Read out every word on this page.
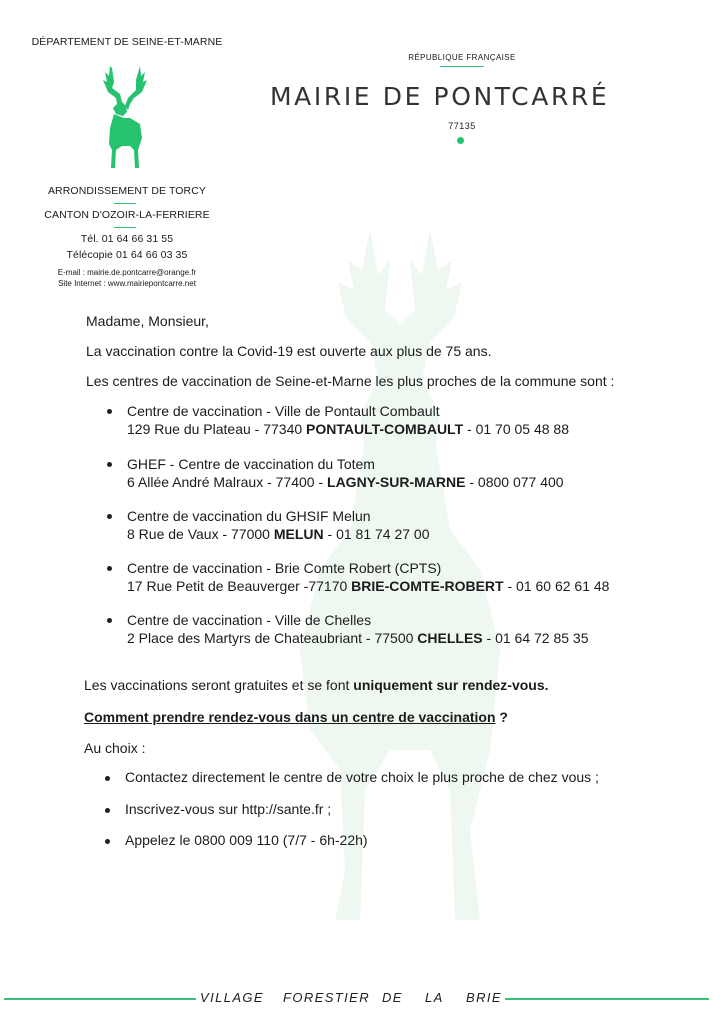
DÉPARTEMENT DE SEINE-ET-MARNE
ARRONDISSEMENT DE TORCY
CANTON D'OZOIR-LA-FERRIERE
Tél. 01 64 66 31 55
Télécopie 01 64 66 03 35
E-mail : mairie.de.pontcarre@orange.fr
Site Internet : www.mairiepontcarre.net
RÉPUBLIQUE FRANÇAISE
MAIRIE DE PONTCARRÉ
77135
Madame, Monsieur,
La vaccination contre la Covid-19 est ouverte aux plus de 75 ans.
Les centres de vaccination de Seine-et-Marne les plus proches de la commune sont :
Centre de vaccination - Ville de Pontault Combault
129 Rue du Plateau - 77340 PONTAULT-COMBAULT - 01 70 05 48 88
GHEF - Centre de vaccination du Totem
6 Allée André Malraux - 77400 - LAGNY-SUR-MARNE - 0800 077 400
Centre de vaccination du GHSIF Melun
8 Rue de Vaux - 77000 MELUN - 01 81 74 27 00
Centre de vaccination - Brie Comte Robert (CPTS)
17 Rue Petit de Beauverger -77170 BRIE-COMTE-ROBERT - 01 60 62 61 48
Centre de vaccination - Ville de Chelles
2 Place des Martyrs de Chateaubriant - 77500 CHELLES - 01 64 72 85 35
Les vaccinations seront gratuites et se font uniquement sur rendez-vous.
Comment prendre rendez-vous dans un centre de vaccination ?
Au choix :
Contactez directement le centre de votre choix le plus proche de chez vous ;
Inscrivez-vous sur http://sante.fr ;
Appelez le 0800 009 110 (7/7 - 6h-22h)
VILLAGE FORESTIER DE LA BRIE
